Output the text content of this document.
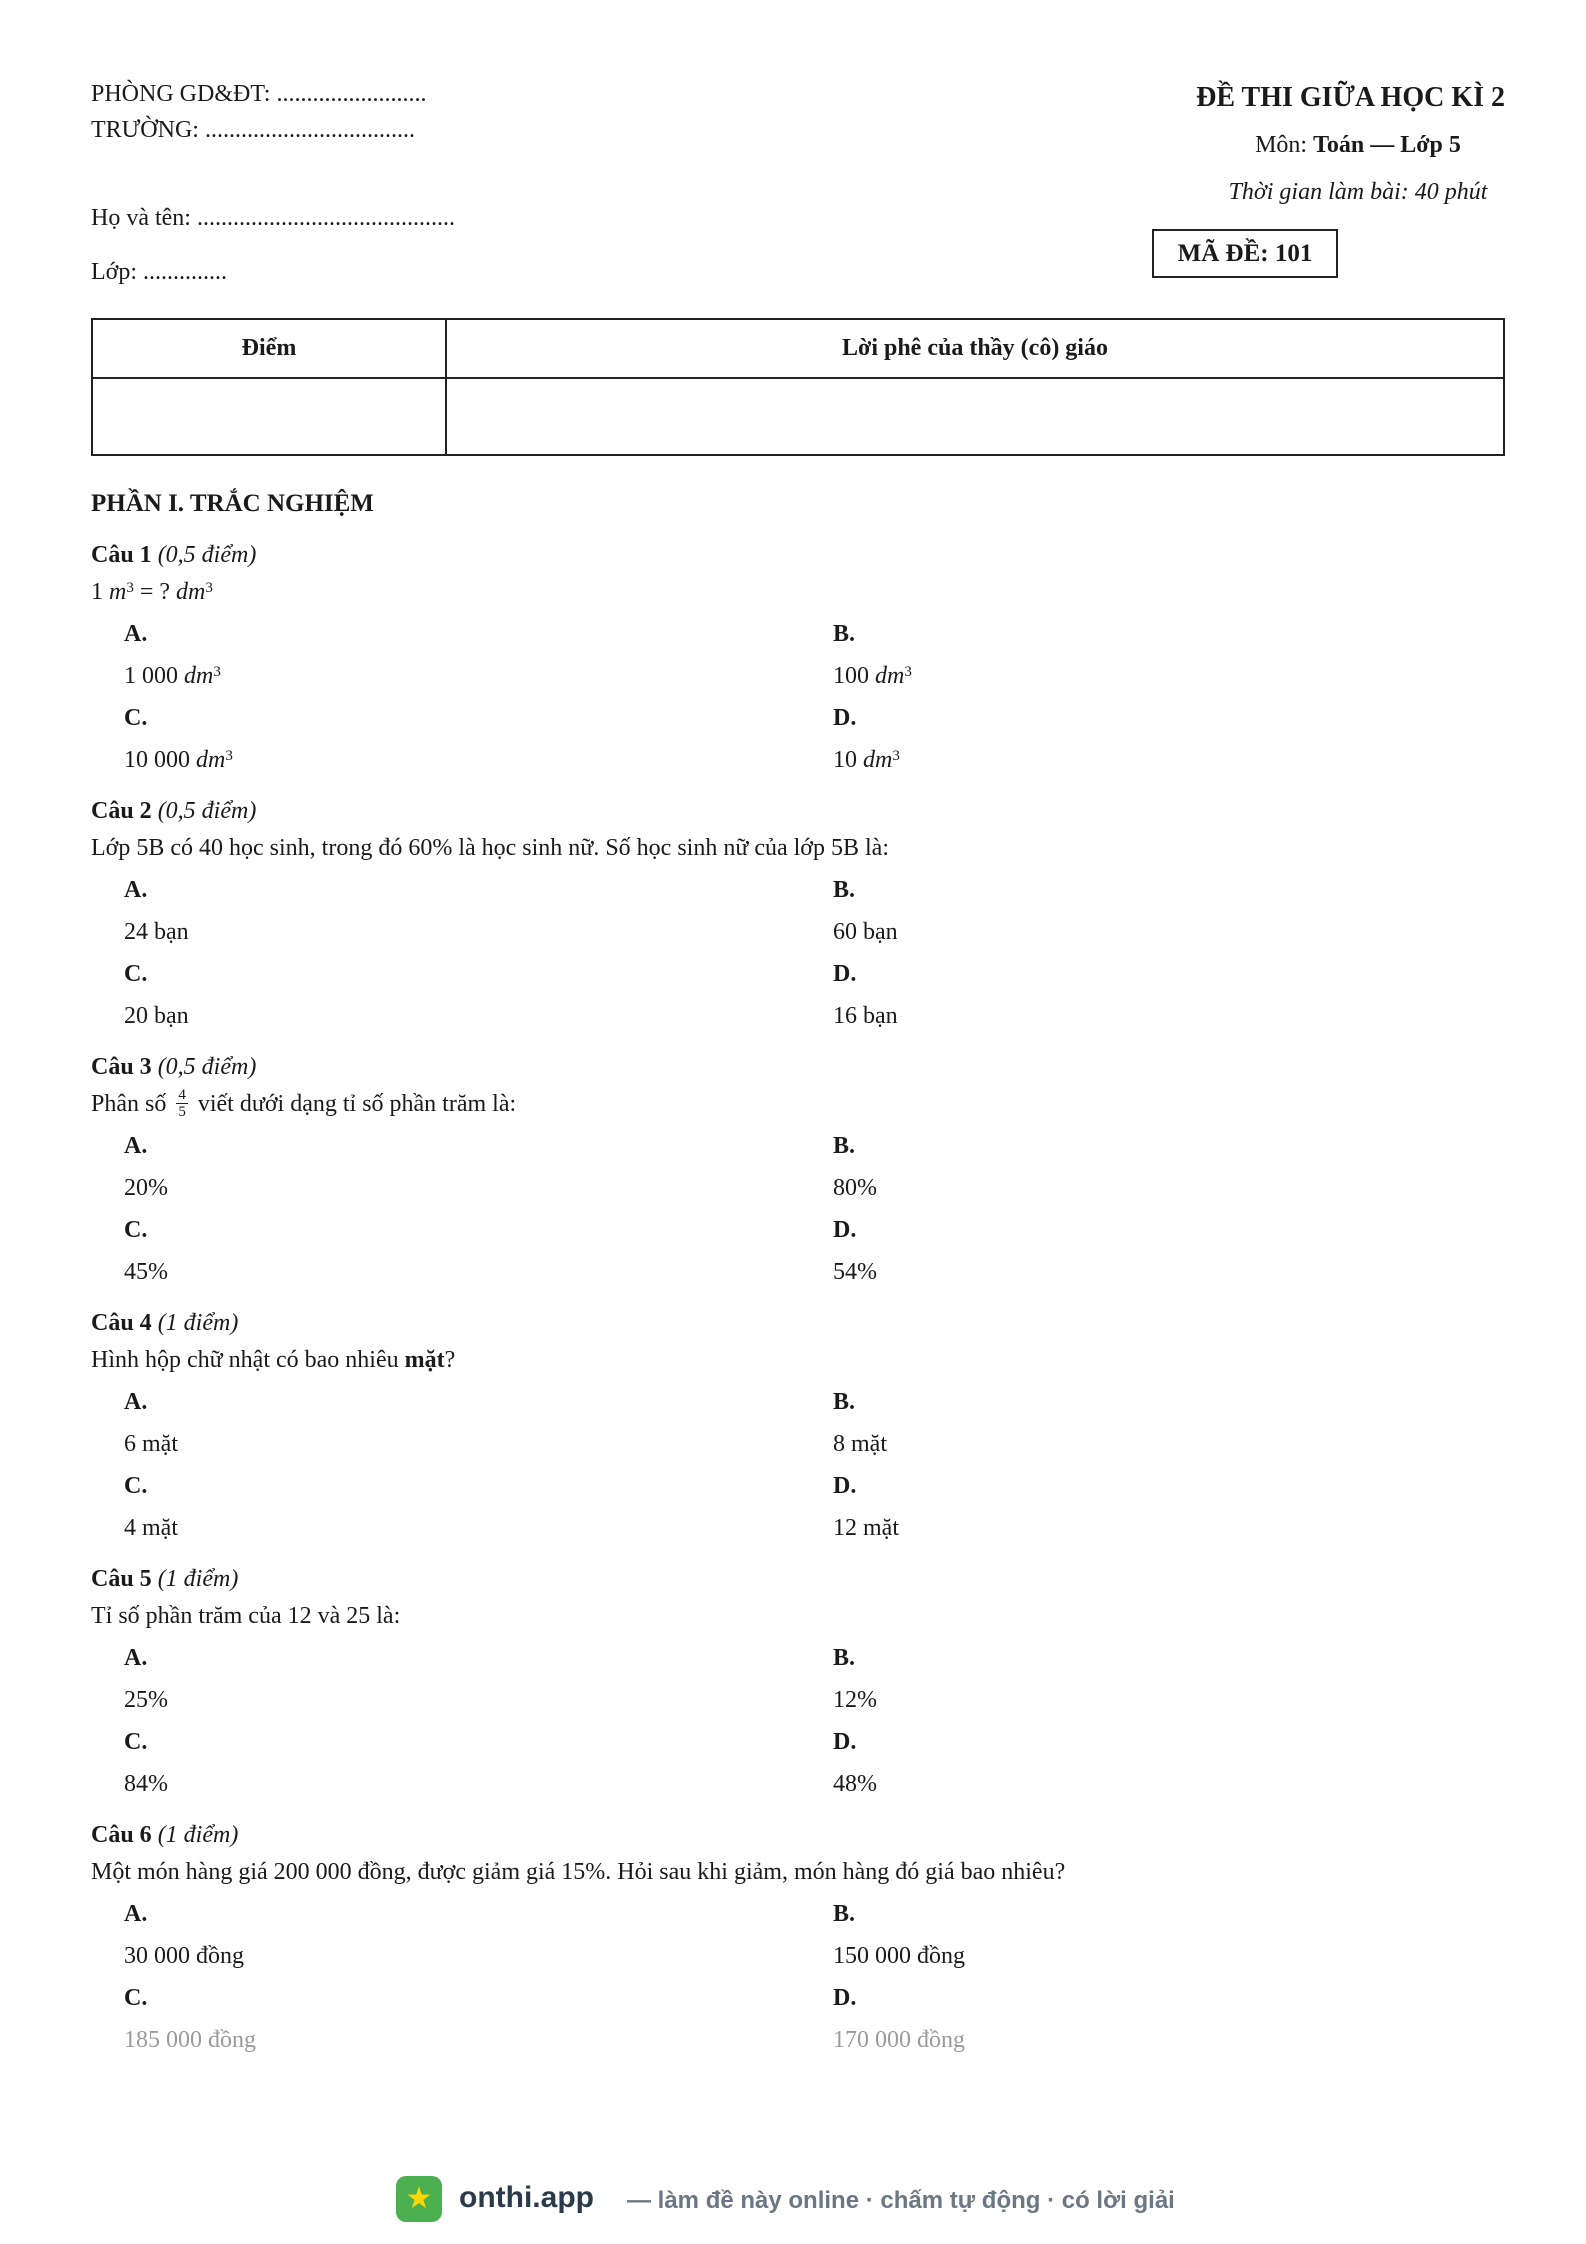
PHÒNG GD&ĐT: .........................
TRƯỜNG: ...................................
Họ và tên: ...........................................
Lớp: ..............
ĐỀ THI GIỮA HỌC KÌ 2
Môn: Toán — Lớp 5
Thời gian làm bài: 40 phút
MÃ ĐỀ: 101
Điểm	Lời phê của thầy (cô) giáo

PHẦN I. TRẮC NGHIỆM
Câu 1 (0,5 điểm)
1 $m^3$ = ? $dm^3$
A.
1 000 $dm^3$
B.
100 $dm^3$
C.
10 000 $dm^3$
D.
10 $dm^3$
Câu 2 (0,5 điểm)
Lớp 5B có 40 học sinh, trong đó 60% là học sinh nữ. Số học sinh nữ của lớp 5B là:
A.
24 bạn
B.
60 bạn
C.
20 bạn
D.
16 bạn
Câu 3 (0,5 điểm)
Phân số $\frac{4}{5}$ viết dưới dạng tỉ số phần trăm là:
A.
20%
B.
80%
C.
45%
D.
54%
Câu 4 (1 điểm)
Hình hộp chữ nhật có bao nhiêu mặt?
A.
6 mặt
B.
8 mặt
C.
4 mặt
D.
12 mặt
Câu 5 (1 điểm)
Tỉ số phần trăm của 12 và 25 là:
A.
25%
B.
12%
C.
84%
D.
48%
Câu 6 (1 điểm)
Một món hàng giá 200 000 đồng, được giảm giá 15%. Hỏi sau khi giảm, món hàng đó giá bao nhiêu?
A.
30 000 đồng
B.
150 000 đồng
C.
185 000 đồng
D.
170 000 đồng
★ onthi.app — làm đề này online · chấm tự động · có lời giải
